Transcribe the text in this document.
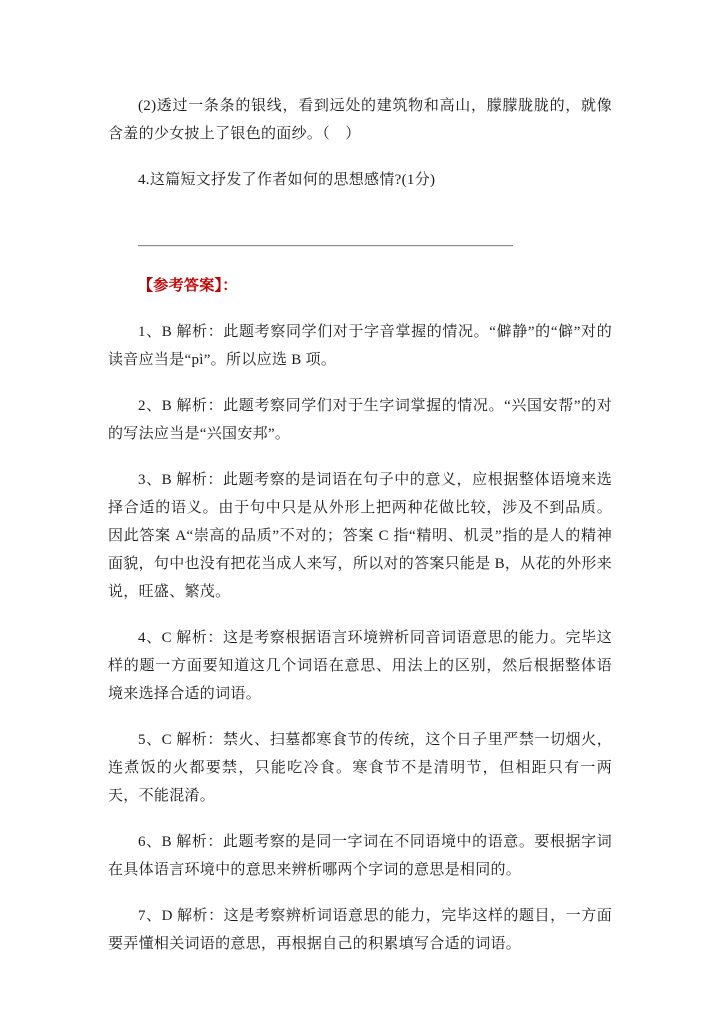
(2)透过一条条的银线，看到远处的建筑物和高山，朦朦胧胧的，就像含羞的少女披上了银色的面纱。（　）

4.这篇短文抒发了作者如何的思想感情?(1分)

＿＿＿＿＿＿＿＿＿＿＿＿＿＿＿＿＿＿＿＿＿＿＿＿＿

【参考答案】：

1、B 解析：此题考察同学们对于字音掌握的情况。“僻静”的“僻”对的读音应当是“pì”。所以应选 B 项。

2、B 解析：此题考察同学们对于生字词掌握的情况。“兴国安帮”的对的写法应当是“兴国安邦”。

3、B 解析：此题考察的是词语在句子中的意义，应根据整体语境来选择合适的语义。由于句中只是从外形上把两种花做比较，涉及不到品质。因此答案 A“崇高的品质”不对的；答案 C 指“精明、机灵”指的是人的精神面貌，句中也没有把花当成人来写，所以对的答案只能是 B，从花的外形来说，旺盛、繁茂。

4、C 解析：这是考察根据语言环境辨析同音词语意思的能力。完毕这样的题一方面要知道这几个词语在意思、用法上的区别，然后根据整体语境来选择合适的词语。

5、C 解析：禁火、扫墓都寒食节的传统，这个日子里严禁一切烟火，连煮饭的火都要禁，只能吃冷食。寒食节不是清明节，但相距只有一两天，不能混淆。

6、B 解析：此题考察的是同一字词在不同语境中的语意。要根据字词在具体语言环境中的意思来辨析哪两个字词的意思是相同的。

7、D 解析：这是考察辨析词语意思的能力，完毕这样的题目，一方面要弄懂相关词语的意思，再根据自己的积累填写合适的词语。
